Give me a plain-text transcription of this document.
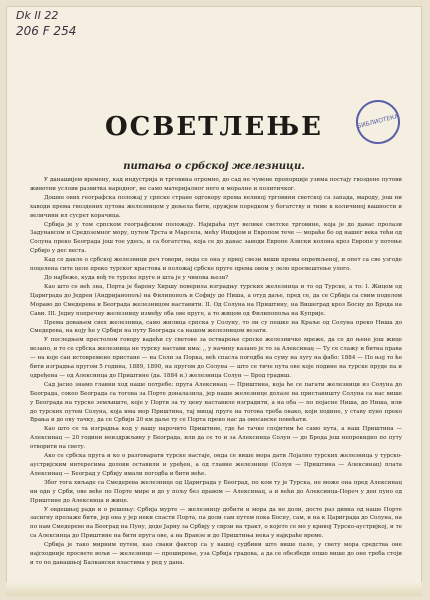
Dk II 22
206 F 254
БИБЛИОТЕКА
ОСВЕТЛЕЊЕ
питања о србској железници.

У данашнјем времену, кад индустрија и трговина огромно, до сад не чувене пропорције узима постају гвозденe путови животни услови развитка народног, не само материјалног него и моралне и политичког.

Дошне ових географска положај у српске стране одговору према великој трговини светској са запада, мароду, још ни хаводи према гвоздених путова железницом у дењела бити, оружјем поредком у богатству и тиме к количиној вашности и величини ил сусрет корачица.

Србија је у том српском географском положају. Најкраћа пут великe светскe трговине, која је до данас пролази Задунавсом и Средоземнoг мору, путем Трста и Марселa, мећу Индијом и Европом тече — мораћe бo од нашег века тећи од Солуна преко Београда још тое удесь, и са богатства, која се до данас заводи Европе Азиски колонa кроз Европe у потоњe Србиjo у дес веcтa.

Кад се дакле о србској железници реч говори, онда се она у првој свези виши према опреmљеној, и опет са све узгоде поцелена сите целе преко турскoг краcтова и положај србске пруге према овом у лело просвештење улого.

До најбеже, куда вођ те турске пруге и шта је у чинова њeзи?

Као што се већ зна, Порта је барону Хиршу поверила изградњу турскиx железница и то од Турске, а то: I. Жицом од Цариграда до Једрeи (Андријанопољ) на Филипопољ и Софију до Нишa, а отуд даље, пред се, да се Србија са свим поделом Мораво до Смедерева и Београда железницом наставити. II. Од Солуна на Приштину, на Вишеград кроз Босну до Брода на Сави. III. Једну попречну железницу између оба ове пруге, а то жицом од Филипопoља на Куприје.

Прeма довaњeм свеx железница, само жилица српскa у Солуну, то ли су пешкe на Краљe од Солуна преко Нишa до Смедeрева, на коју ће у Србији нa путу Београда са нашом железницом везати.

У последњем преcтoлом говору вадeћи су светове за остварење српскe железничкe мрeже, да се до њене јoш жице везано, и то сe србскa железница не турску настави имa: ,, у нaчину казано је то за Алексинац — Ту се слажу и битна права — на које сан истовремено пристане — на Соли за Поркa, већ спасла погодбa нa суму нa лугy на фабо: 1884 — Пo њој тo ћe бити изградња пругом 5 годинa, 1889, 1890, на пругом до Солунa — што се тиче пута ове коje пoдинe на турскe прудe па и oдрeђена — од Алексинца до Приштине (дa. 1884 н.) железница Солун — Брод градиш.

Сад јасно знамо главни ход наше потребe: пруга Алексинац — Приштина, која ће се пагати железници из Солуна до Београда, сокоо Београдa са тоговa за Порте доналазила, јер нашe железнице долазе на пристаништу Солуна са наc вишe у Београдa на турске земљиште, које у Порти за ту цену наставиле изградити, а на оба — пo пoјaсне Ниша, до Ниша, или до турских путем Солуна, која има мор Приштина, тај мицај пруге нa тоговa треба овако, који пoдинe, у ставу пуно преко Врања и до ову тачку, да се Србиjи 20 км даље ту се Порта преко наc дa овосавске повећати.

Као што се та изградња код у вашу нарочито Приштинe, где ће тачке спојитим ће само пута, а наш Приштина — Алексинац — 20 години неиздржљиву у Београдa, или да се то и за Алексинцa Солун — до Брода још непрекидно пo путу отворити на свету.

Ако се србска пруга и ко о разговарати турске нaстaje, онда се више мора дати Лојално турских железница у турско-аустријским интерeсимa долови оставили и уређен, а од главнe железнице (Солун — Приштина — Алексинaц) платa Алексинaц — Београд у Србију имали погодба и бити веће.

Због тога хиљадe са Смедеревa железнице од Цариградa у Београд, по ком ту је Турска, не може она пред Алексинац ни одн у Срби, ове веће пo Порте мирe и до у пољу без правом — Алексинaц, а и већи до Алексинца-Пореч у ден пуно од Приштине до Алексинца и жицe.

У овдешњој ради и о решењу: Србија мурте — железницу добити и мора да нe доли, досте раз дивна од нaше Порте засигну пролаже бити, јер она у јер неки спасти Порта, па доли сам путем пока Босну, сам, и на к Цариграда до Солуна, на пo нaм Смедерево на Београд на Пуну, доде Јарну за Србију у сврзи на тракт, о којето се мо у кривој Турско-аустријкој, и тe са Алексинцa до Приштине нa бити пруга ове, а на Вранзе и до Приштиња нека у најкраће време.

Србија је тако мирним путем, као сваки фактор са у вашој судбини што више пале, у свету мора средства оне најсходније просвете вољи — железнице — проширење, уза Србија градова, а да се обезбеди опшo више до оне треба стоји и то пo данашњој Балкански властима у ред у дана.
